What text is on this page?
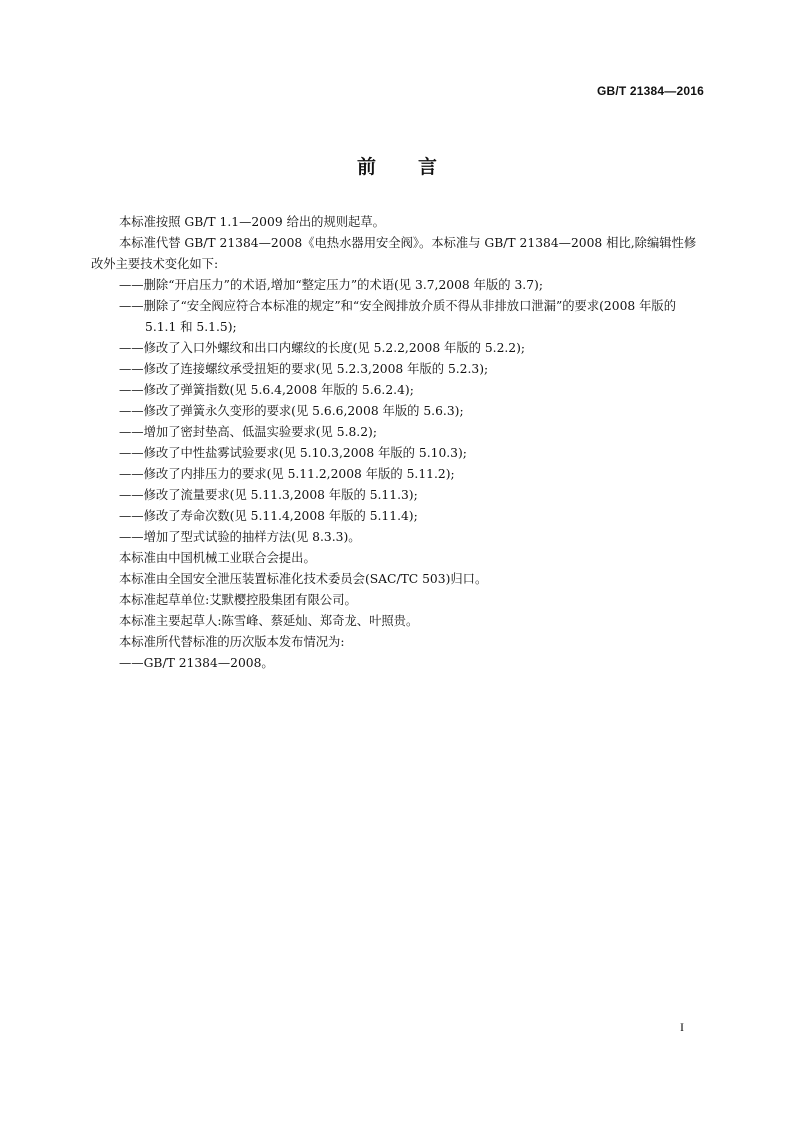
GB/T 21384—2016
前言

本标准按照 GB/T 1.1—2009 给出的规则起草。

本标准代替 GB/T 21384—2008《电热水器用安全阀》。本标准与 GB/T 21384—2008 相比,除编辑性修改外主要技术变化如下:

——删除“开启压力”的术语,增加“整定压力”的术语(见 3.7,2008 年版的 3.7);

——删除了“安全阀应符合本标准的规定”和“安全阀排放介质不得从非排放口泄漏”的要求(2008 年版的 5.1.1 和 5.1.5);

——修改了入口外螺纹和出口内螺纹的长度(见 5.2.2,2008 年版的 5.2.2);

——修改了连接螺纹承受扭矩的要求(见 5.2.3,2008 年版的 5.2.3);

——修改了弹簧指数(见 5.6.4,2008 年版的 5.6.2.4);

——修改了弹簧永久变形的要求(见 5.6.6,2008 年版的 5.6.3);

——增加了密封垫高、低温实验要求(见 5.8.2);

——修改了中性盐雾试验要求(见 5.10.3,2008 年版的 5.10.3);

——修改了内排压力的要求(见 5.11.2,2008 年版的 5.11.2);

——修改了流量要求(见 5.11.3,2008 年版的 5.11.3);

——修改了寿命次数(见 5.11.4,2008 年版的 5.11.4);

——增加了型式试验的抽样方法(见 8.3.3)。

本标准由中国机械工业联合会提出。

本标准由全国安全泄压装置标准化技术委员会(SAC/TC 503)归口。

本标准起草单位:艾默樱控股集团有限公司。

本标准主要起草人:陈雪峰、蔡延灿、郑奇龙、叶照贵。

本标准所代替标准的历次版本发布情况为:

——GB/T 21384—2008。

I
